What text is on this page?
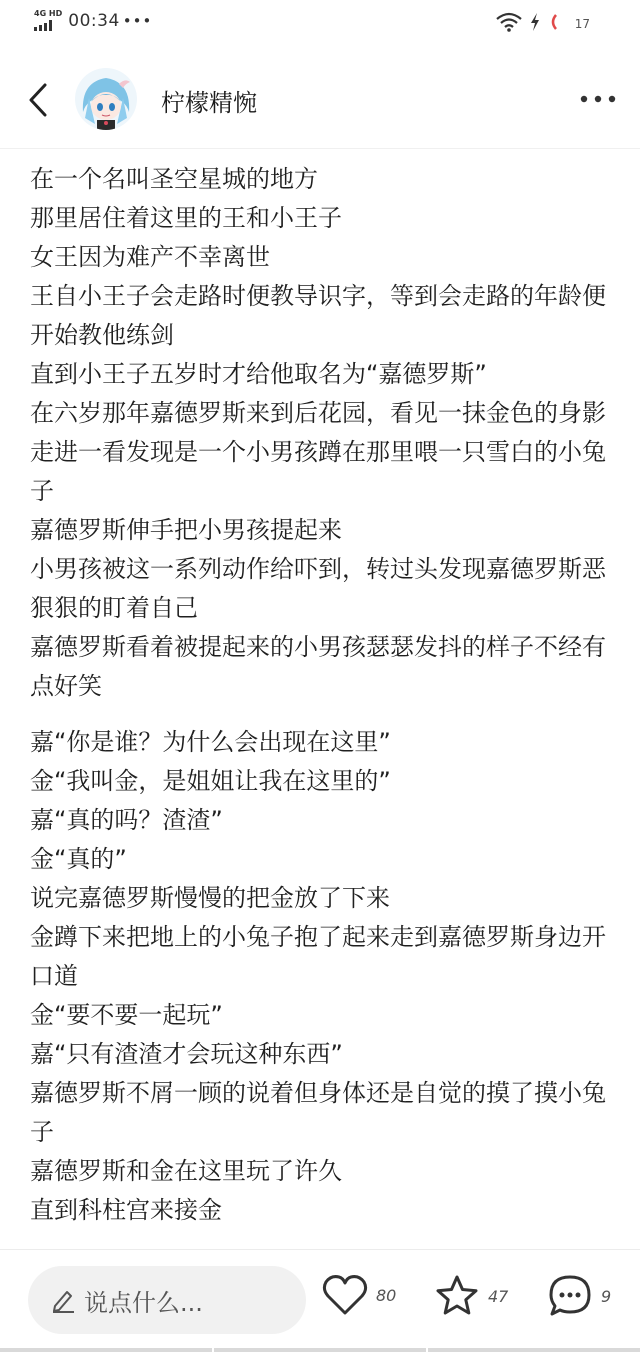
4G HD 00:34 •••	17
柠檬精惋

在一个名叫圣空星城的地方

那里居住着这里的王和小王子

女王因为难产不幸离世

王自小王子会走路时便教导识字，等到会走路的年龄便开始教他练剑

直到小王子五岁时才给他取名为“嘉德罗斯”

在六岁那年嘉德罗斯来到后花园，看见一抹金色的身影

走进一看发现是一个小男孩蹲在那里喂一只雪白的小兔子

嘉德罗斯伸手把小男孩提起来

小男孩被这一系列动作给吓到，转过头发现嘉德罗斯恶狠狠的盯着自己

嘉德罗斯看着被提起来的小男孩瑟瑟发抖的样子不经有点好笑

嘉“你是谁？为什么会出现在这里”

金“我叫金，是姐姐让我在这里的”

嘉“真的吗？渣渣”

金“真的”

说完嘉德罗斯慢慢的把金放了下来

金蹲下来把地上的小兔子抱了起来走到嘉德罗斯身边开口道

金“要不要一起玩”

嘉“只有渣渣才会玩这种东西”

嘉德罗斯不屑一顾的说着但身体还是自觉的摸了摸小兔子

嘉德罗斯和金在这里玩了许久

直到科柱宫来接金

说点什么...	80	47	9
